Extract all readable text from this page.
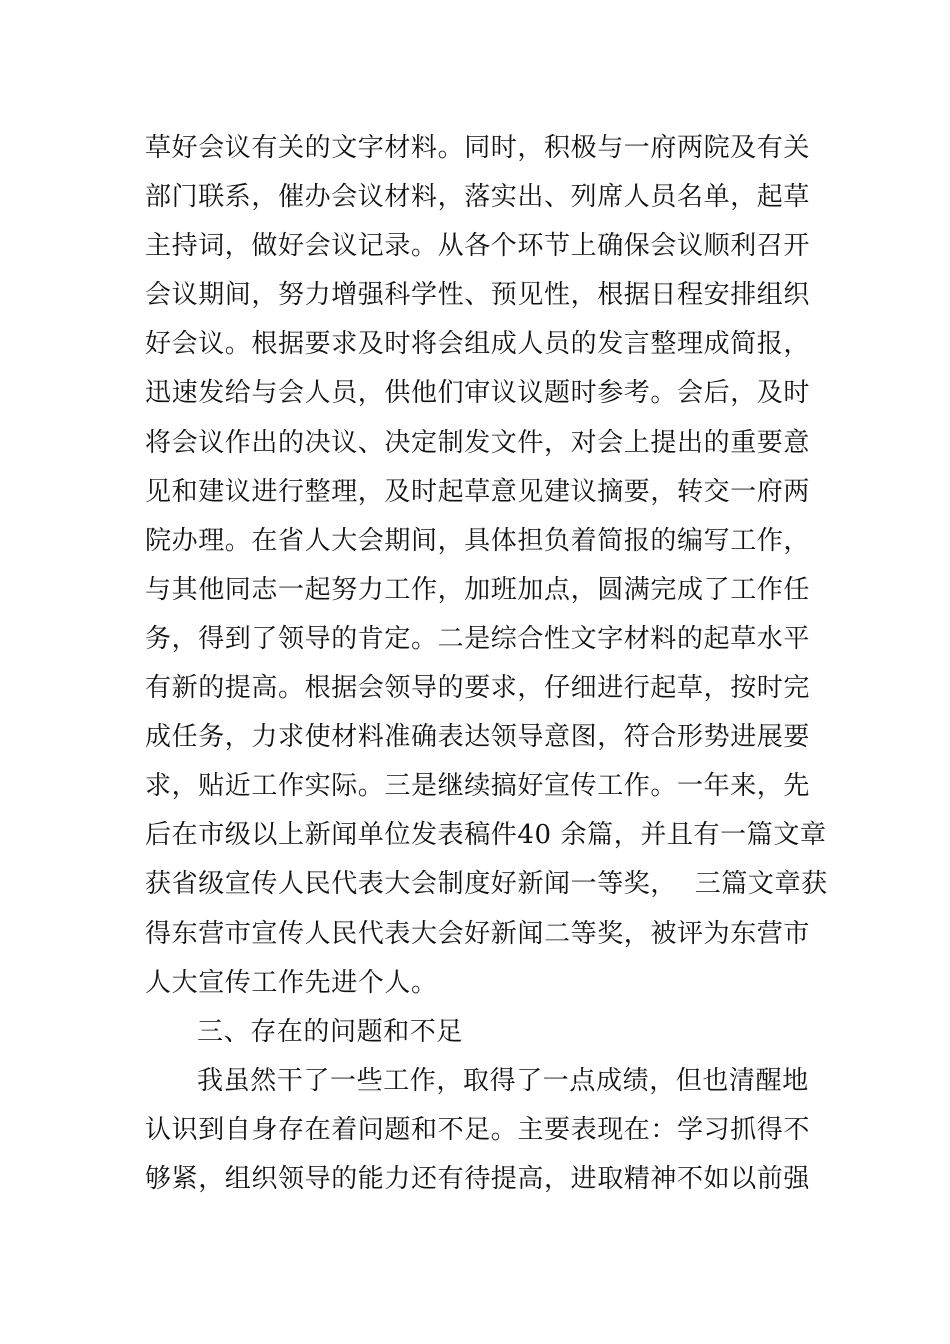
草好会议有关的文字材料。同时，积极与一府两院及有关
部门联系，催办会议材料，落实出、列席人员名单，起草
主持词，做好会议记录。从各个环节上确保会议顺利召开
会议期间，努力增强科学性、预见性，根据日程安排组织
好会议。根据要求及时将会组成人员的发言整理成简报，
迅速发给与会人员，供他们审议议题时参考。会后，及时
将会议作出的决议、决定制发文件，对会上提出的重要意
见和建议进行整理，及时起草意见建议摘要，转交一府两
院办理。在省人大会期间，具体担负着简报的编写工作，
与其他同志一起努力工作，加班加点，圆满完成了工作任
务，得到了领导的肯定。二是综合性文字材料的起草水平
有新的提高。根据会领导的要求，仔细进行起草，按时完
成任务，力求使材料准确表达领导意图，符合形势进展要
求，贴近工作实际。三是继续搞好宣传工作。一年来，先
后在市级以上新闻单位发表稿件40 余篇，并且有一篇文章
获省级宣传人民代表大会制度好新闻一等奖，  三篇文章获
得东营市宣传人民代表大会好新闻二等奖，被评为东营市
人大宣传工作先进个人。
三、存在的问题和不足
我虽然干了一些工作，取得了一点成绩，但也清醒地
认识到自身存在着问题和不足。主要表现在：学习抓得不
够紧，组织领导的能力还有待提高，进取精神不如以前强
